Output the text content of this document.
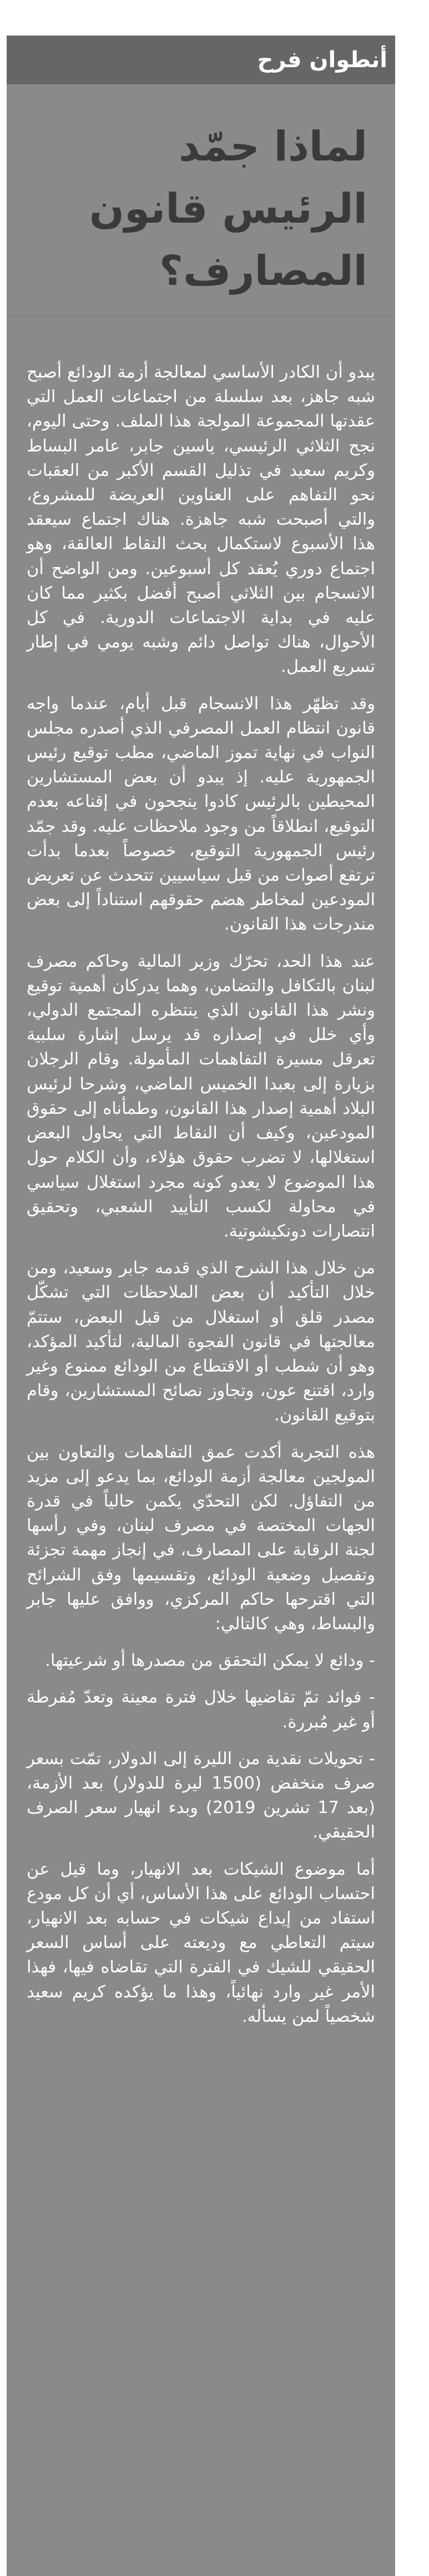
أنطوان فرح
لماذا جمّد الرئيس قانون المصارف؟

يبدو أن الكادر الأساسي لمعالجة أزمة الودائع أصبح شبه جاهز، بعد سلسلة من اجتماعات العمل التي عقدتها المجموعة المولجة هذا الملف. وحتى اليوم، نجح الثلاثي الرئيسي، ياسين جابر، عامر البساط وكريم سعيد في تذليل القسم الأكبر من العقبات نحو التفاهم على العناوين العريضة للمشروع، والتي أصبحت شبه جاهزة. هناك اجتماع سيعقد هذا الأسبوع لاستكمال بحث النقاط العالقة، وهو اجتماع دوري يُعقد كل أسبوعين. ومن الواضح أن الانسجام بين الثلاثي أصبح أفضل بكثير مما كان عليه في بداية الاجتماعات الدورية. في كل الأحوال، هناك تواصل دائم وشبه يومي في إطار تسريع العمل.

وقد تظهّر هذا الانسجام قبل أيام، عندما واجه قانون انتظام العمل المصرفي الذي أصدره مجلس النواب في نهاية تموز الماضي، مطب توقيع رئيس الجمهورية عليه. إذ يبدو أن بعض المستشارين المحيطين بالرئيس كادوا ينجحون في إقناعه بعدم التوقيع، انطلاقاً من وجود ملاحظات عليه. وقد جمّد رئيس الجمهورية التوقيع، خصوصاً بعدما بدأت ترتفع أصوات من قبل سياسيين تتحدث عن تعريض المودعين لمخاطر هضم حقوقهم استناداً إلى بعض مندرجات هذا القانون.

عند هذا الحد، تحرّك وزير المالية وحاكم مصرف لبنان بالتكافل والتضامن، وهما يدركان أهمية توقيع ونشر هذا القانون الذي ينتظره المجتمع الدولي، وأي خلل في إصداره قد يرسل إشارة سلبية تعرقل مسيرة التفاهمات المأمولة. وقام الرجلان بزيارة إلى بعبدا الخميس الماضي، وشرحا لرئيس البلاد أهمية إصدار هذا القانون، وطمأناه إلى حقوق المودعين، وكيف أن النقاط التي يحاول البعض استغلالها، لا تضرب حقوق هؤلاء، وأن الكلام حول هذا الموضوع لا يعدو كونه مجرد استغلال سياسي في محاولة لكسب التأييد الشعبي، وتحقيق انتصارات دونكيشوتية.

من خلال هذا الشرح الذي قدمه جابر وسعيد، ومن خلال التأكيد أن بعض الملاحظات التي تشكّل مصدر قلق أو استغلال من قبل البعض، ستتمّ معالجتها في قانون الفجوة المالية، لتأكيد المؤكد، وهو أن شطب أو الاقتطاع من الودائع ممنوع وغير وارد، اقتنع عون، وتجاوز نصائح المستشارين، وقام بتوقيع القانون.

هذه التجربة أكدت عمق التفاهمات والتعاون بين المولجين معالجة أزمة الودائع، بما يدعو إلى مزيد من التفاؤل. لكن التحدّي يكمن حالياً في قدرة الجهات المختصة في مصرف لبنان، وفي رأسها لجنة الرقابة على المصارف، في إنجاز مهمة تجزئة وتفصيل وضعية الودائع، وتقسيمها وفق الشرائح التي اقترحها حاكم المركزي، ووافق عليها جابر والبساط، وهي كالتالي:

- ودائع لا يمكن التحقق من مصدرها أو شرعيتها.

- فوائد تمّ تقاضيها خلال فترة معينة وتعدّ مُفرطة أو غير مُبررة.

- تحويلات نقدية من الليرة إلى الدولار، تمّت بسعر صرف منخفض (1500 ليرة للدولار) بعد الأزمة، (بعد 17 تشرين 2019) وبدء انهيار سعر الصرف الحقيقي.

أما موضوع الشيكات بعد الانهيار، وما قيل عن احتساب الودائع على هذا الأساس، أي أن كل مودع استفاد من إيداع شيكات في حسابه بعد الانهيار، سيتم التعاطي مع وديعته على أساس السعر الحقيقي للشيك في الفترة التي تقاضاه فيها، فهذا الأمر غير وارد نهائياً، وهذا ما يؤكده كريم سعيد شخصياً لمن يسأله.
